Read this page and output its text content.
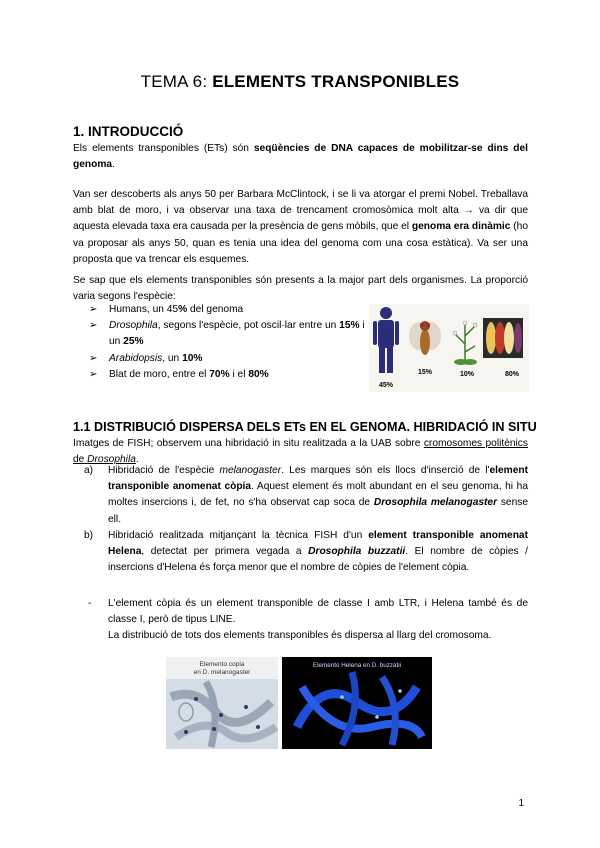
TEMA 6: ELEMENTS TRANSPONIBLES
1. INTRODUCCIÓ

Els elements transponibles (ETs) són seqüències de DNA capaces de mobilitzar-se dins del genoma.

Van ser descoberts als anys 50 per Barbara McClintock, i se li va atorgar el premi Nobel. Treballava amb blat de moro, i va observar una taxa de trencament cromosòmica molt alta → va dir que aquesta elevada taxa era causada per la presència de gens mòbils, que el genoma era dinàmic (ho va proposar als anys 50, quan es tenia una idea del genoma com una cosa estàtica). Va ser una proposta que va trencar els esquemes.

Se sap que els elements transponibles són presents a la major part dels organismes. La proporció varia segons l'espècie:

➢ Humans, un 45% del genoma
➢ Drosophila, segons l'espècie, pot oscil·lar entre un 15% i un 25%
➢ Arabidopsis, un 10%
➢ Blat de moro, entre el 70% i el 80%
45%
15%	10%	80%
1.1 DISTRIBUCIÓ DISPERSA DELS ETs EN EL GENOMA. HIBRIDACIÓ IN SITU

Imatges de FISH; observem una hibridació in situ realitzada a la UAB sobre cromosomes politènics de Drosophila.

a) Hibridació de l'espècie melanogaster. Les marques són els llocs d'inserció de l'element transponible anomenat còpia. Aquest element és molt abundant en el seu genoma, hi ha moltes insercions i, de fet, no s'ha observat cap soca de Drosophila melanogaster sense ell.
b) Hibridació realitzada mitjançant la tècnica FISH d'un element transponible anomenat Helena, detectat per primera vegada a Drosophila buzzatii. El nombre de còpies / insercions d'Helena és força menor que el nombre de còpies de l'element còpia.
- L'element còpia és un element transponible de classe I amb LTR, i Helena també és de classe I, però de tipus LINE.
La distribució de tots dos elements transponibles és dispersa al llarg del cromosoma.
Elemento copia
en D. melanogaster
Elemento Helena en D. buzzatii
1
